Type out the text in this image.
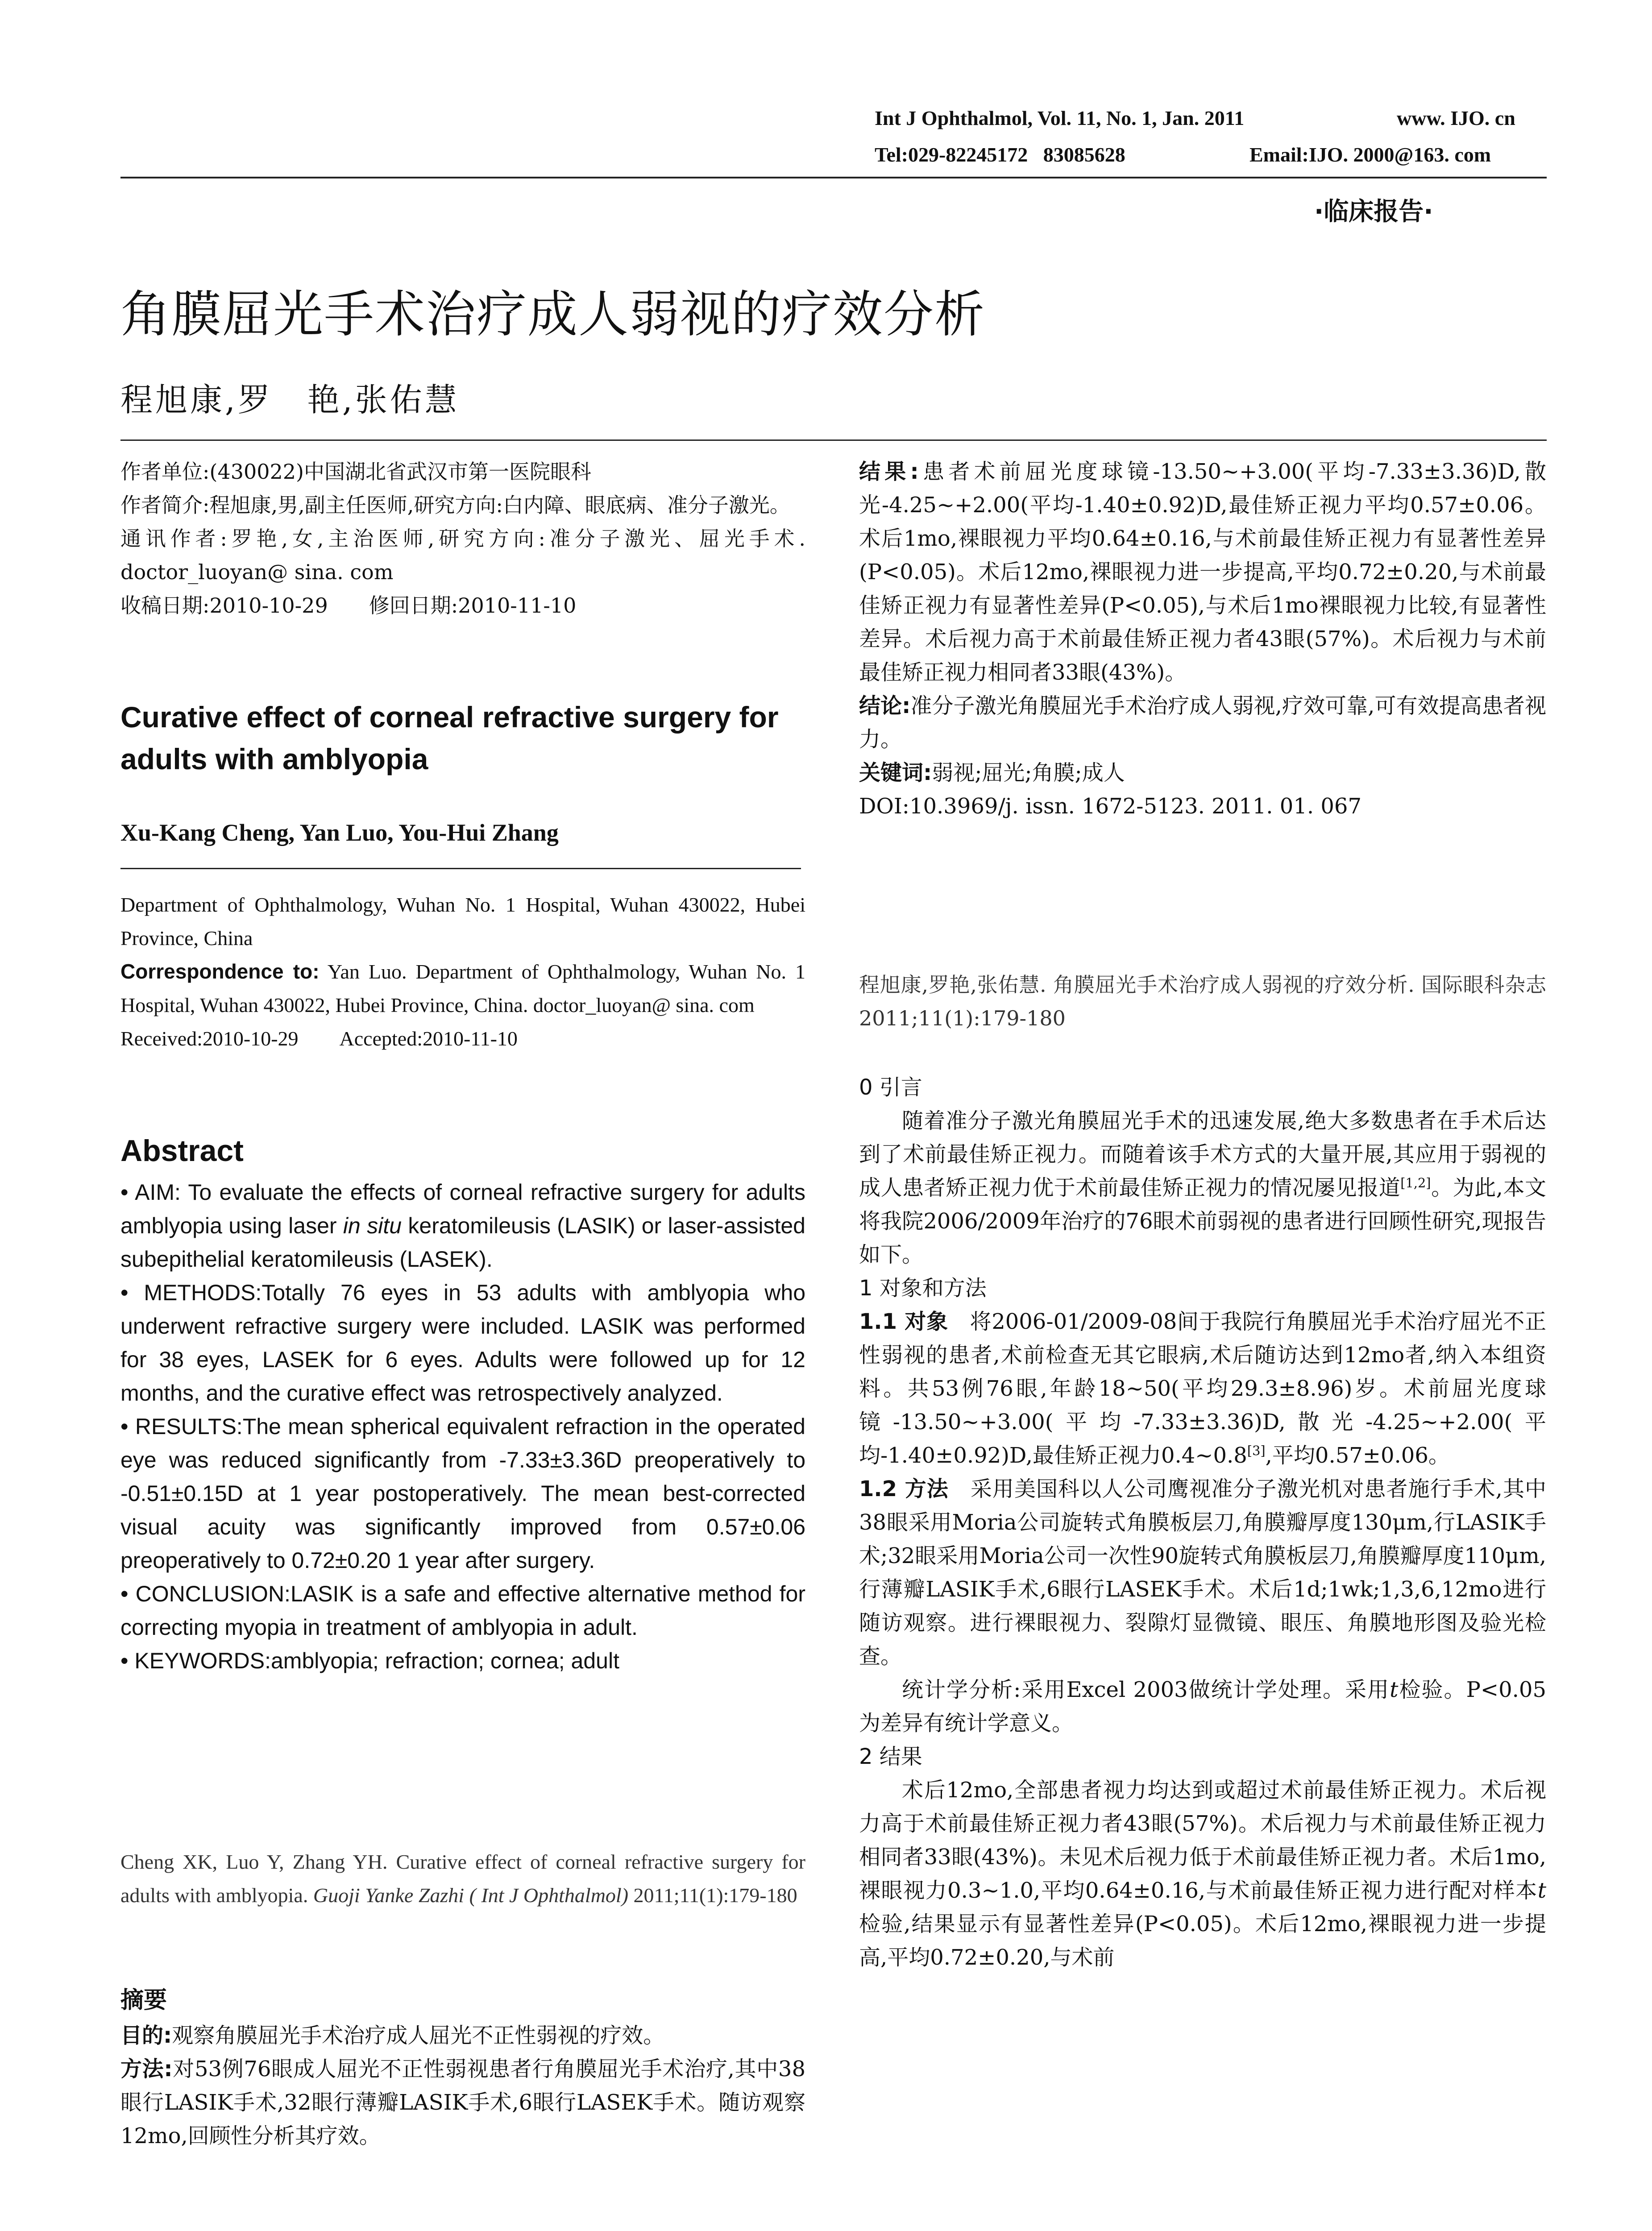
Int J Ophthalmol, Vol. 11, No. 1, Jan. 2011	www. IJO. cn
Tel:029-82245172   83085628	Email:IJO. 2000@163. com
·临床报告·
角膜屈光手术治疗成人弱视的疗效分析
程旭康,罗　艳,张佑慧

作者单位:(430022)中国湖北省武汉市第一医院眼科

作者简介:程旭康,男,副主任医师,研究方向:白内障、眼底病、准分子激光。

通讯作者:罗艳,女,主治医师,研究方向:准分子激光、屈光手术. doctor_luoyan@ sina. com

收稿日期:2010-10-29　　修回日期:2010-11-10

Curative effect of corneal refractive surgery for adults with amblyopia
Xu-Kang Cheng, Yan Luo, You-Hui Zhang
Department of Ophthalmology, Wuhan No. 1 Hospital, Wuhan 430022, Hubei Province, China
Correspondence to: Yan Luo. Department of Ophthalmology, Wuhan No. 1 Hospital, Wuhan 430022, Hubei Province, China. doctor_luoyan@ sina. com
Received:2010-10-29　　Accepted:2010-11-10
Abstract

• AIM: To evaluate the effects of corneal refractive surgery for adults amblyopia using laser in situ keratomileusis (LASIK) or laser-assisted subepithelial keratomileusis (LASEK).

• METHODS:Totally 76 eyes in 53 adults with amblyopia who underwent refractive surgery were included. LASIK was performed for 38 eyes, LASEK for 6 eyes. Adults were followed up for 12 months, and the curative effect was retrospectively analyzed.

• RESULTS:The mean spherical equivalent refraction in the operated eye was reduced significantly from -7.33±3.36D preoperatively to -0.51±0.15D at 1 year postoperatively. The mean best-corrected visual acuity was significantly improved from 0.57±0.06 preoperatively to 0.72±0.20 1 year after surgery.

• CONCLUSION:LASIK is a safe and effective alternative method for correcting myopia in treatment of amblyopia in adult.

• KEYWORDS:amblyopia; refraction; cornea; adult

Cheng XK, Luo Y, Zhang YH. Curative effect of corneal refractive surgery for adults with amblyopia. Guoji Yanke Zazhi ( Int J Ophthalmol) 2011;11(1):179-180
摘要

目的:观察角膜屈光手术治疗成人屈光不正性弱视的疗效。

方法:对53例76眼成人屈光不正性弱视患者行角膜屈光手术治疗,其中38眼行LASIK手术,32眼行薄瓣LASIK手术,6眼行LASEK手术。随访观察12mo,回顾性分析其疗效。

结果:患者术前屈光度球镜-13.50~+3.00(平均-7.33±3.36)D,散光-4.25~+2.00(平均-1.40±0.92)D,最佳矫正视力平均0.57±0.06。术后1mo,裸眼视力平均0.64±0.16,与术前最佳矫正视力有显著性差异(P<0.05)。术后12mo,裸眼视力进一步提高,平均0.72±0.20,与术前最佳矫正视力有显著性差异(P<0.05),与术后1mo裸眼视力比较,有显著性差异。术后视力高于术前最佳矫正视力者43眼(57%)。术后视力与术前最佳矫正视力相同者33眼(43%)。

结论:准分子激光角膜屈光手术治疗成人弱视,疗效可靠,可有效提高患者视力。

关键词:弱视;屈光;角膜;成人

DOI:10.3969/j. issn. 1672-5123. 2011. 01. 067

程旭康,罗艳,张佑慧. 角膜屈光手术治疗成人弱视的疗效分析. 国际眼科杂志 2011;11(1):179-180

0 引言

随着准分子激光角膜屈光手术的迅速发展,绝大多数患者在手术后达到了术前最佳矫正视力。而随着该手术方式的大量开展,其应用于弱视的成人患者矫正视力优于术前最佳矫正视力的情况屡见报道[1,2]。为此,本文将我院2006/2009年治疗的76眼术前弱视的患者进行回顾性研究,现报告如下。

1 对象和方法

1.1 对象　将2006-01/2009-08间于我院行角膜屈光手术治疗屈光不正性弱视的患者,术前检查无其它眼病,术后随访达到12mo者,纳入本组资料。共53例76眼,年龄18~50(平均29.3±8.96)岁。术前屈光度球镜-13.50~+3.00(平均-7.33±3.36)D,散光-4.25~+2.00(平均-1.40±0.92)D,最佳矫正视力0.4~0.8[3],平均0.57±0.06。

1.2 方法　采用美国科以人公司鹰视准分子激光机对患者施行手术,其中38眼采用Moria公司旋转式角膜板层刀,角膜瓣厚度130μm,行LASIK手术;32眼采用Moria公司一次性90旋转式角膜板层刀,角膜瓣厚度110μm,行薄瓣LASIK手术,6眼行LASEK手术。术后1d;1wk;1,3,6,12mo进行随访观察。进行裸眼视力、裂隙灯显微镜、眼压、角膜地形图及验光检查。

统计学分析:采用Excel 2003做统计学处理。采用t检验。P<0.05为差异有统计学意义。

2 结果

术后12mo,全部患者视力均达到或超过术前最佳矫正视力。术后视力高于术前最佳矫正视力者43眼(57%)。术后视力与术前最佳矫正视力相同者33眼(43%)。未见术后视力低于术前最佳矫正视力者。术后1mo,裸眼视力0.3~1.0,平均0.64±0.16,与术前最佳矫正视力进行配对样本t检验,结果显示有显著性差异(P<0.05)。术后12mo,裸眼视力进一步提高,平均0.72±0.20,与术前
